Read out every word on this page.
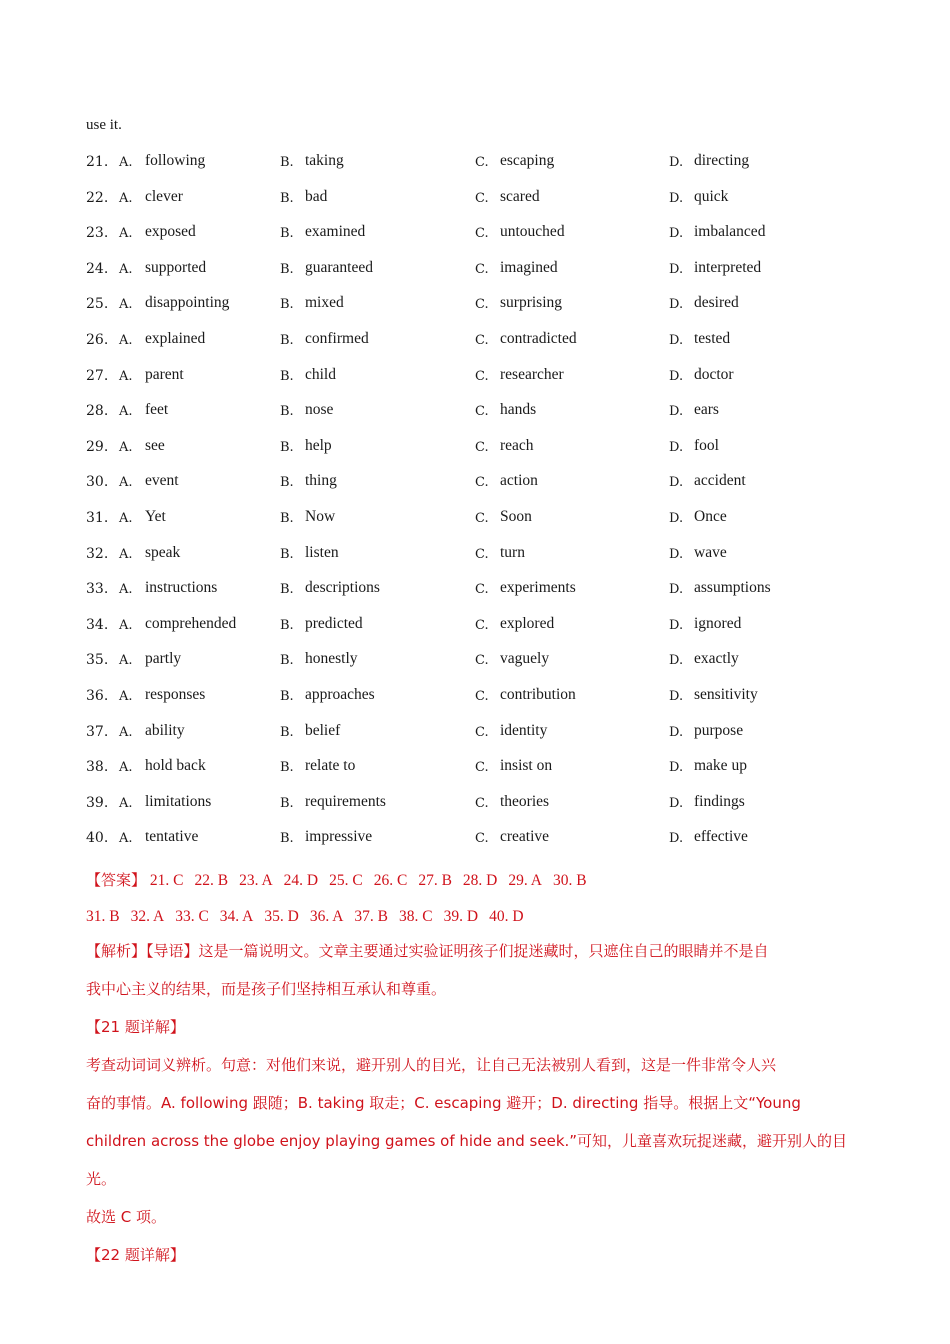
use it.
21. A. following	B. taking	C. escaping	D. directing
22. A. clever	B. bad	C. scared	D. quick
23. A. exposed	B. examined	C. untouched	D. imbalanced
24. A. supported	B. guaranteed	C. imagined	D. interpreted
25. A. disappointing	B. mixed	C. surprising	D. desired
26. A. explained	B. confirmed	C. contradicted	D. tested
27. A. parent	B. child	C. researcher	D. doctor
28. A. feet	B. nose	C. hands	D. ears
29. A. see	B. help	C. reach	D. fool
30. A. event	B. thing	C. action	D. accident
31. A. Yet	B. Now	C. Soon	D. Once
32. A. speak	B. listen	C. turn	D. wave
33. A. instructions	B. descriptions	C. experiments	D. assumptions
34. A. comprehended	B. predicted	C. explored	D. ignored
35. A. partly	B. honestly	C. vaguely	D. exactly
36. A. responses	B. approaches	C. contribution	D. sensitivity
37. A. ability	B. belief	C. identity	D. purpose
38. A. hold back	B. relate to	C. insist on	D. make up
39. A. limitations	B. requirements	C. theories	D. findings
40. A. tentative	B. impressive	C. creative	D. effective
【答案】 21. C 22. B 23. A 24. D 25. C 26. C 27. B 28. D 29. A 30. B
31. B 32. A 33. C 34. A 35. D 36. A 37. B 38. C 39. D 40. D

【解析】【导语】这是一篇说明文。文章主要通过实验证明孩子们捉迷藏时，只遮住自己的眼睛并不是自

我中心主义的结果，而是孩子们坚持相互承认和尊重。

【21 题详解】

考查动词词义辨析。句意：对他们来说，避开别人的目光，让自己无法被别人看到，这是一件非常令人兴

奋的事情。A. following 跟随；B. taking 取走；C. escaping 避开；D. directing 指导。根据上文“Young

children across the globe enjoy playing games of hide and seek.”可知，儿童喜欢玩捉迷藏，避开别人的目光。

故选 C 项。

【22 题详解】
